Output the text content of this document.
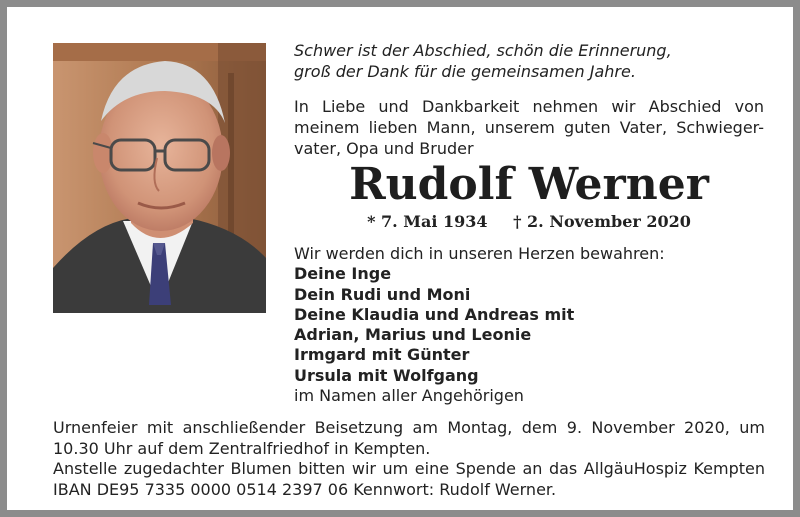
Schwer ist der Abschied, schön die Erinnerung,
groß der Dank für die gemeinsamen Jahre.
In Liebe und Dankbarkeit nehmen wir Abschied von
meinem lieben Mann, unserem guten Vater, Schwieger-
vater, Opa und Bruder
Rudolf Werner
* 7. Mai 1934 † 2. November 2020
Wir werden dich in unseren Herzen bewahren:
Deine Inge
Dein Rudi und Moni
Deine Klaudia und Andreas mit
Adrian, Marius und Leonie
Irmgard mit Günter
Ursula mit Wolfgang
im Namen aller Angehörigen
Urnenfeier mit anschließender Beisetzung am Montag, dem 9. November 2020, um
10.30 Uhr auf dem Zentralfriedhof in Kempten.
Anstelle zugedachter Blumen bitten wir um eine Spende an das AllgäuHospiz Kempten
IBAN DE95 7335 0000 0514 2397 06 Kennwort: Rudolf Werner.
